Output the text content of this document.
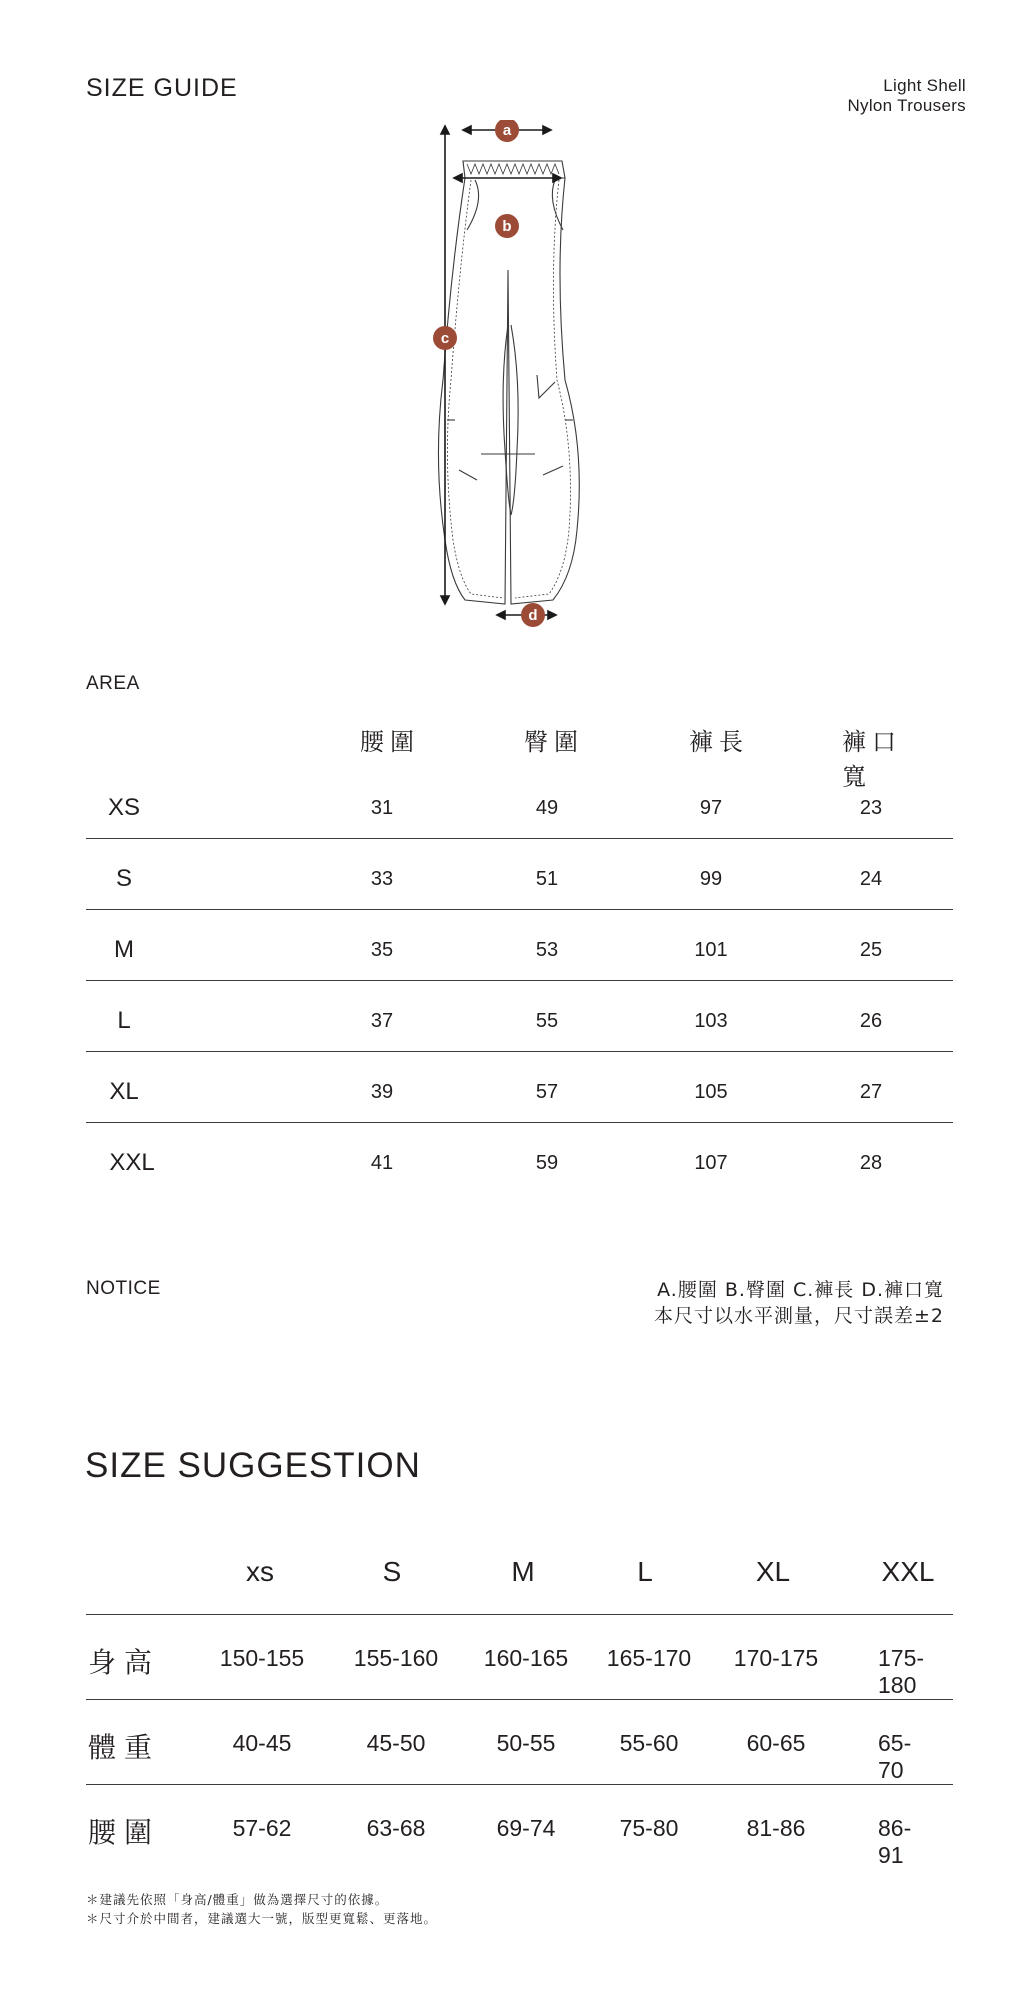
SIZE GUIDE	Light Shell
Nylon Trousers
a
b
c
d
AREA
腰圍	臀圍	褲長	褲口寬
XS	31	49	97	23
S	33	51	99	24
M	35	53	101	25
L	37	55	103	26
XL	39	57	105	27
XXL	41	59	107	28
NOTICE	A.腰圍 B.臀圍 C.褲長 D.褲口寬
本尺寸以水平測量，尺寸誤差±2
SIZE SUGGESTION
xs	S	M	L	XL	XXL
身高	150-155 155-160 160-165 165-170 170-175	175-180
體重	40-45	45-50	50-55	55-60	60-65	65-70
腰圍	57-62	63-68	69-74	75-80	81-86	86-91
＊建議先依照「身高/體重」做為選擇尺寸的依據。
＊尺寸介於中間者，建議選大一號，版型更寬鬆、更落地。
